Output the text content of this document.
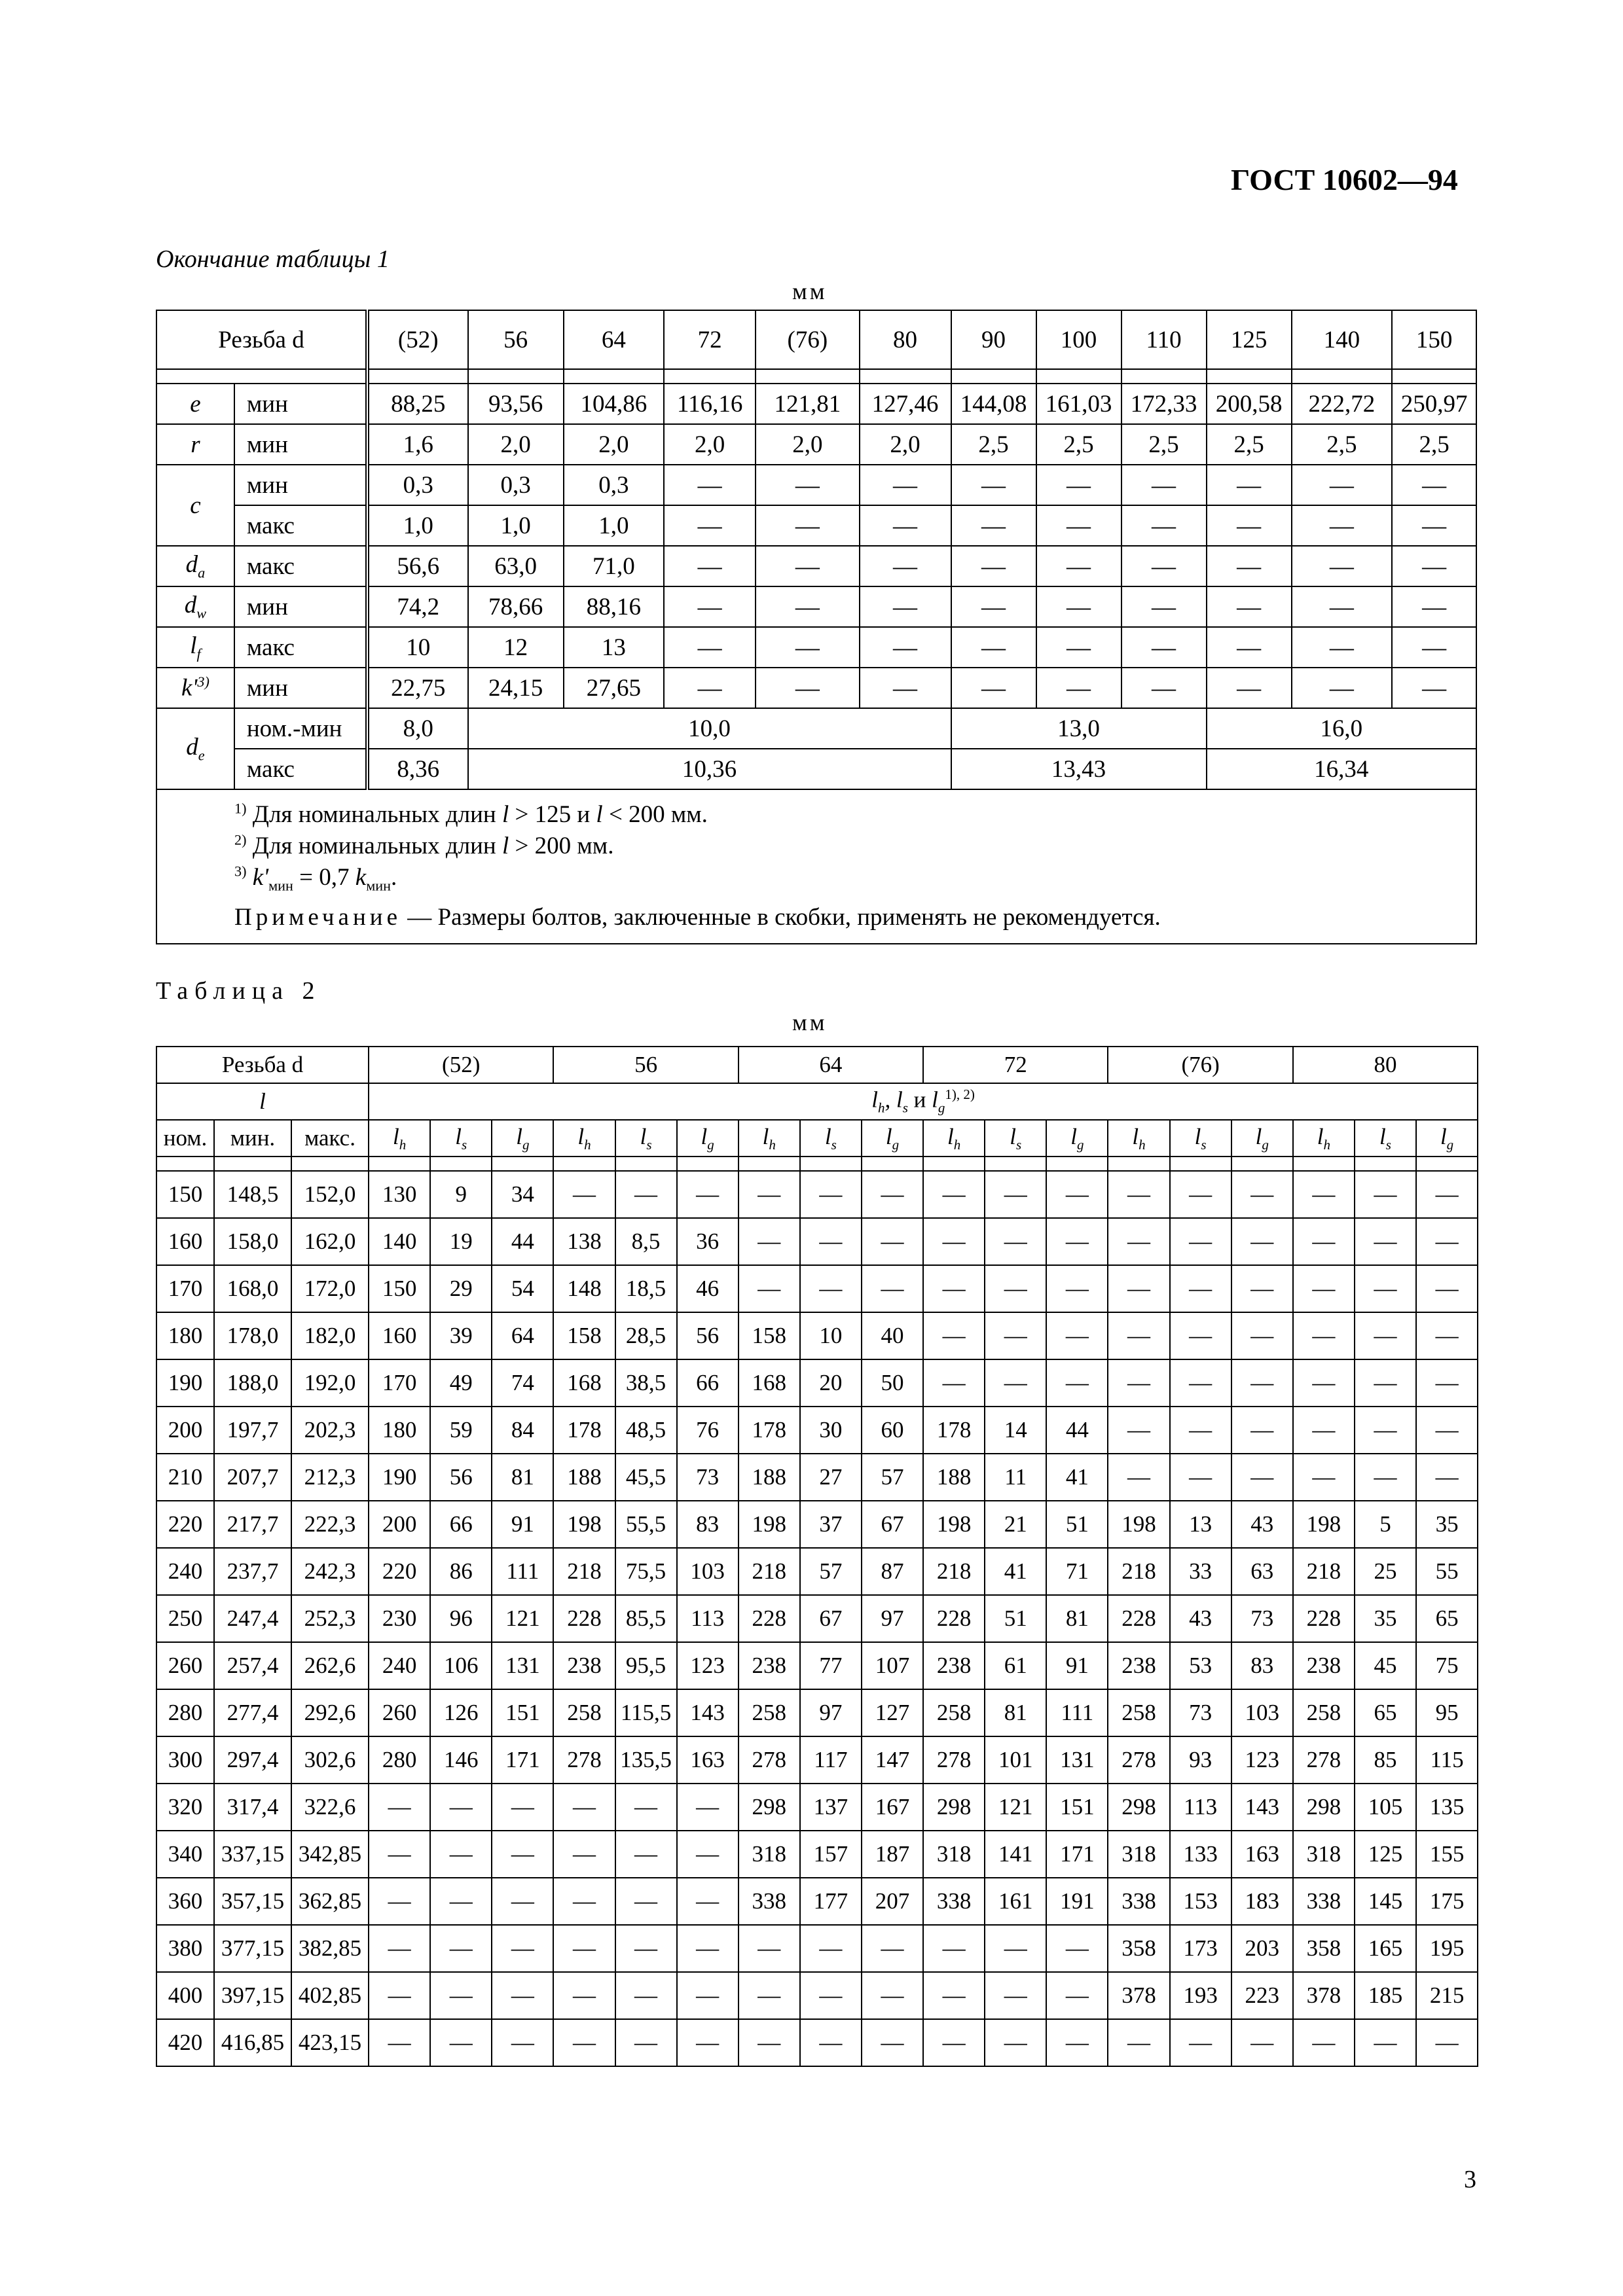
ГОСТ 10602—94
Окончание таблицы 1
мм
Резьба d		(52)	56	64	72	(76)	80	90	100	110	125	140	150

e	мин	88,25	93,56	104,86	116,16	121,81	127,46	144,08	161,03	172,33	200,58	222,72	250,97
r	мин	1,6	2,0	2,0	2,0	2,0	2,0	2,5	2,5	2,5	2,5	2,5	2,5
c	мин	0,3	0,3	0,3	—	—	—	—	—	—	—	—	—
	макс	1,0	1,0	1,0	—	—	—	—	—	—	—	—	—
$d_a$	макс	56,6	63,0	71,0	—	—	—	—	—	—	—	—	—
$d_w$	мин	74,2	78,66	88,16	—	—	—	—	—	—	—	—	—
$l_f$	макс	10	12	13	—	—	—	—	—	—	—	—	—
$k'^{3)}$	мин	22,75	24,15	27,65	—	—	—	—	—	—	—	—	—
$d_e$	ном.-мин	8,0	10,0					13,0			16,0		
	макс	8,36	10,36					13,43			16,34		

$^{1)}$ Для номинальных длин l > 125 и l < 200 мм.
$^{2)}$ Для номинальных длин l > 200 мм.
$^{3)}$ $k'_{мин} = 0,7$ $k_{мин}$.
Примечание — Размеры болтов, заключенные в скобки, применять не рекомендуется.													
Таблица 2
мм
Резьба d			(52)			56			64			72			(76)			80		
l			$l_h$, $l_s$ и $l_g^{1), 2)}$
ном.	мин.	макс.	$l_h$	$l_s$	$l_g$	$l_h$	$l_s$	$l_g$	$l_h$	$l_s$	$l_g$	$l_h$	$l_s$	$l_g$	$l_h$	$l_s$	$l_g$	$l_h$	$l_s$	$l_g$

150	148,5	152,0	130	9	34	—	—	—	—	—	—	—	—	—	—	—	—	—	—	—
160	158,0	162,0	140	19	44	138	8,5	36	—	—	—	—	—	—	—	—	—	—	—	—
170	168,0	172,0	150	29	54	148	18,5	46	—	—	—	—	—	—	—	—	—	—	—	—
180	178,0	182,0	160	39	64	158	28,5	56	158	10	40	—	—	—	—	—	—	—	—	—
190	188,0	192,0	170	49	74	168	38,5	66	168	20	50	—	—	—	—	—	—	—	—	—
200	197,7	202,3	180	59	84	178	48,5	76	178	30	60	178	14	44	—	—	—	—	—	—
210	207,7	212,3	190	56	81	188	45,5	73	188	27	57	188	11	41	—	—	—	—	—	—
220	217,7	222,3	200	66	91	198	55,5	83	198	37	67	198	21	51	198	13	43	198	5	35
240	237,7	242,3	220	86	111	218	75,5	103	218	57	87	218	41	71	218	33	63	218	25	55
250	247,4	252,3	230	96	121	228	85,5	113	228	67	97	228	51	81	228	43	73	228	35	65
260	257,4	262,6	240	106	131	238	95,5	123	238	77	107	238	61	91	238	53	83	238	45	75
280	277,4	292,6	260	126	151	258	115,5	143	258	97	127	258	81	111	258	73	103	258	65	95
300	297,4	302,6	280	146	171	278	135,5	163	278	117	147	278	101	131	278	93	123	278	85	115
320	317,4	322,6	—	—	—	—	—	—	298	137	167	298	121	151	298	113	143	298	105	135
340	337,15	342,85	—	—	—	—	—	—	318	157	187	318	141	171	318	133	163	318	125	155
360	357,15	362,85	—	—	—	—	—	—	338	177	207	338	161	191	338	153	183	338	145	175
380	377,15	382,85	—	—	—	—	—	—	—	—	—	—	—	—	358	173	203	358	165	195
400	397,15	402,85	—	—	—	—	—	—	—	—	—	—	—	—	378	193	223	378	185	215
420	416,85	423,15	—	—	—	—	—	—	—	—	—	—	—	—	—	—	—	—	—	—
3
